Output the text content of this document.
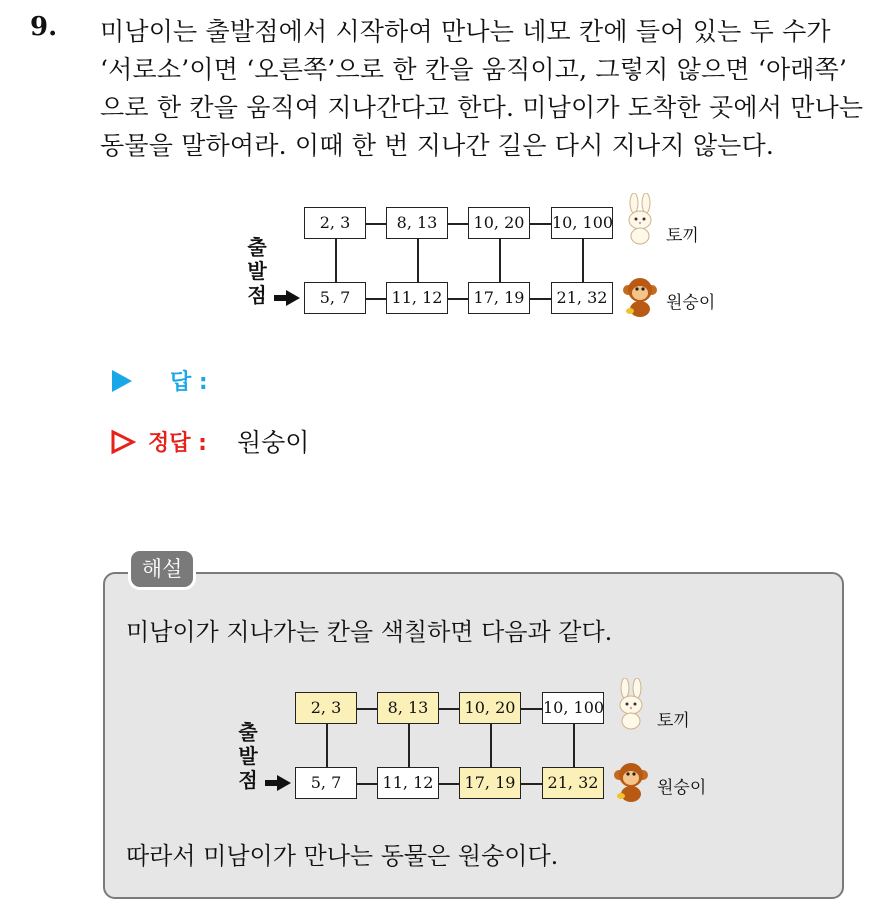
9. 미남이는 출발점에서 시작하여 만나는 네모 칸에 들어 있는 두 수가
‘서로소’이면 ‘오른쪽’으로 한 칸을 움직이고, 그렇지 않으면 ‘아래쪽’
으로 한 칸을 움직여 지나간다고 한다. 미남이가 도착한 곳에서 만나는
동물을 말하여라. 이때 한 번 지나간 길은 다시 지나지 않는다.
2, 3	8, 13	10, 20	10, 100
5, 7	11, 12	17, 19	21, 32
출
발
점
토끼
원숭이
답 :
정답 : 원숭이
해설
미남이가 지나가는 칸을 색칠하면 다음과 같다.
2, 3	8, 13	10, 20	10, 100
5, 7	11, 12	17, 19	21, 32
출
발
점
토끼
원숭이
따라서 미남이가 만나는 동물은 원숭이다.
